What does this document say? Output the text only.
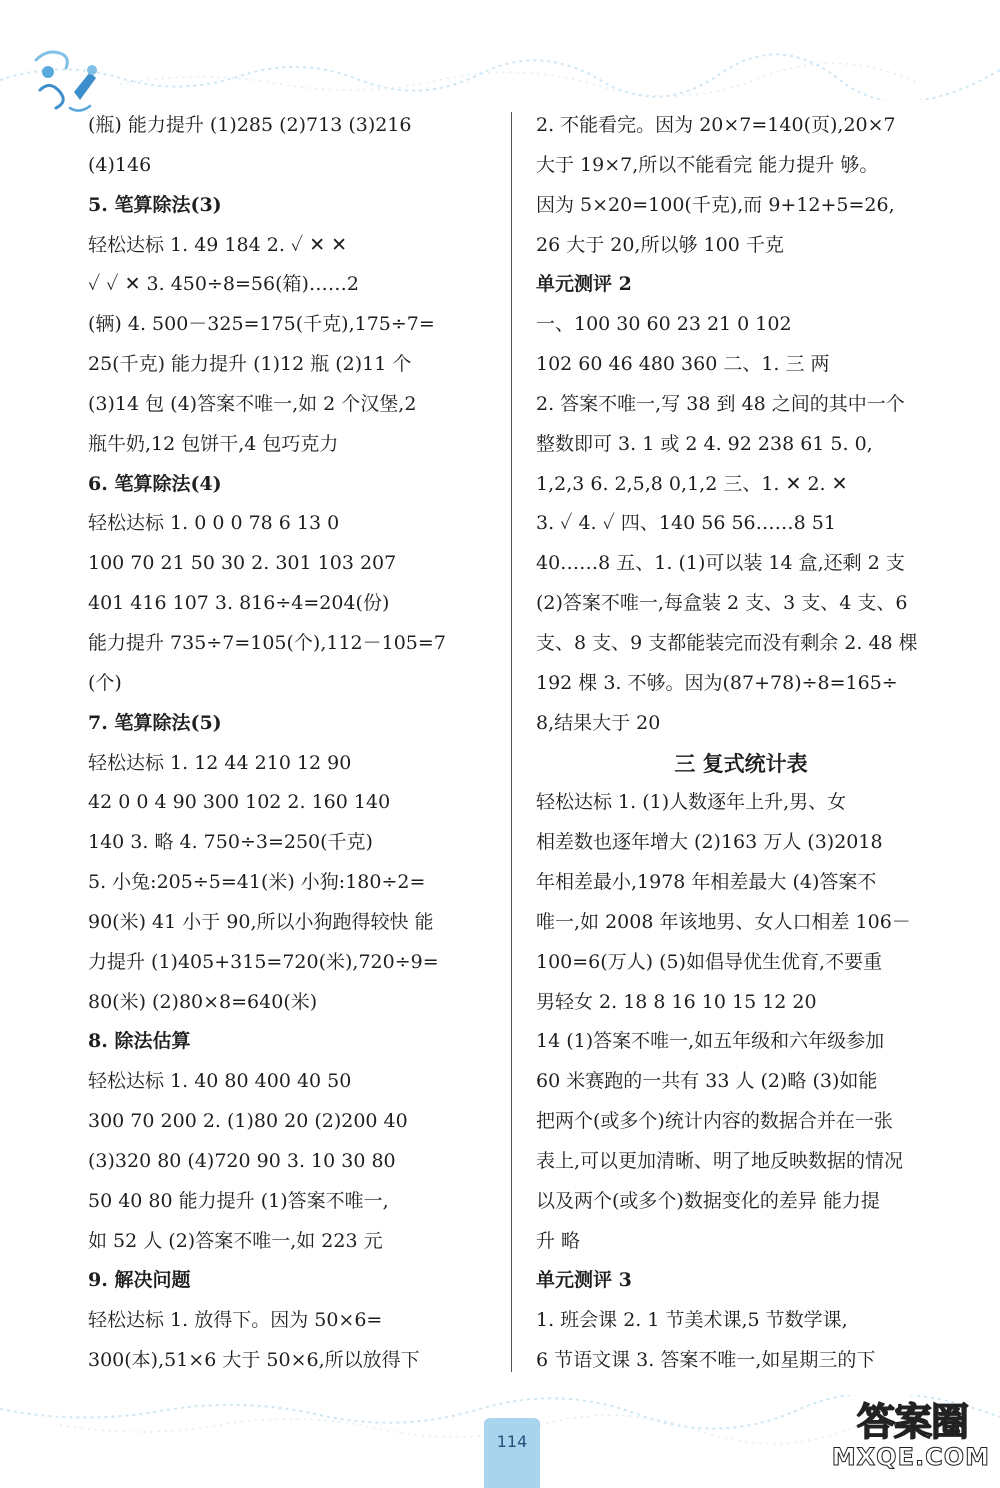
(瓶) 能力提升 (1)285 (2)713 (3)216
(4)146
5. 笔算除法(3)
轻松达标 1. 49 184 2. ✓ ✕ ✕
✓ ✓ ✕ 3. 450÷8=56(箱)……2
(辆) 4. 500－325=175(千克),175÷7=
25(千克) 能力提升 (1)12 瓶 (2)11 个
(3)14 包 (4)答案不唯一,如 2 个汉堡,2
瓶牛奶,12 包饼干,4 包巧克力
6. 笔算除法(4)
轻松达标 1. 0 0 0 78 6 13 0
100 70 21 50 30 2. 301 103 207
401 416 107 3. 816÷4=204(份)
能力提升 735÷7=105(个),112－105=7
(个)
7. 笔算除法(5)
轻松达标 1. 12 44 210 12 90
42 0 0 4 90 300 102 2. 160 140
140 3. 略 4. 750÷3=250(千克)
5. 小兔:205÷5=41(米) 小狗:180÷2=
90(米) 41 小于 90,所以小狗跑得较快 能
力提升 (1)405+315=720(米),720÷9=
80(米) (2)80×8=640(米)
8. 除法估算
轻松达标 1. 40 80 400 40 50
300 70 200 2. (1)80 20 (2)200 40
(3)320 80 (4)720 90 3. 10 30 80
50 40 80 能力提升 (1)答案不唯一,
如 52 人 (2)答案不唯一,如 223 元
9. 解决问题
轻松达标 1. 放得下。因为 50×6=
300(本),51×6 大于 50×6,所以放得下
2. 不能看完。因为 20×7=140(页),20×7
大于 19×7,所以不能看完 能力提升 够。
因为 5×20=100(千克),而 9+12+5=26,
26 大于 20,所以够 100 千克
单元测评 2
一、100 30 60 23 21 0 102
102 60 46 480 360 二、1. 三 两
2. 答案不唯一,写 38 到 48 之间的其中一个
整数即可 3. 1 或 2 4. 92 238 61 5. 0,
1,2,3 6. 2,5,8 0,1,2 三、1. ✕ 2. ✕
3. ✓ 4. ✓ 四、140 56 56……8 51
40……8 五、1. (1)可以装 14 盒,还剩 2 支
(2)答案不唯一,每盒装 2 支、3 支、4 支、6
支、8 支、9 支都能装完而没有剩余 2. 48 棵
192 棵 3. 不够。因为(87+78)÷8=165÷
8,结果大于 20
三 复式统计表
轻松达标 1. (1)人数逐年上升,男、女
相差数也逐年增大 (2)163 万人 (3)2018
年相差最小,1978 年相差最大 (4)答案不
唯一,如 2008 年该地男、女人口相差 106－
100=6(万人) (5)如倡导优生优育,不要重
男轻女 2. 18 8 16 10 15 12 20
14 (1)答案不唯一,如五年级和六年级参加
60 米赛跑的一共有 33 人 (2)略 (3)如能
把两个(或多个)统计内容的数据合并在一张
表上,可以更加清晰、明了地反映数据的情况
以及两个(或多个)数据变化的差异 能力提
升 略
单元测评 3
1. 班会课 2. 1 节美术课,5 节数学课,
6 节语文课 3. 答案不唯一,如星期三的下
114	答案圈
MXQE.COM
